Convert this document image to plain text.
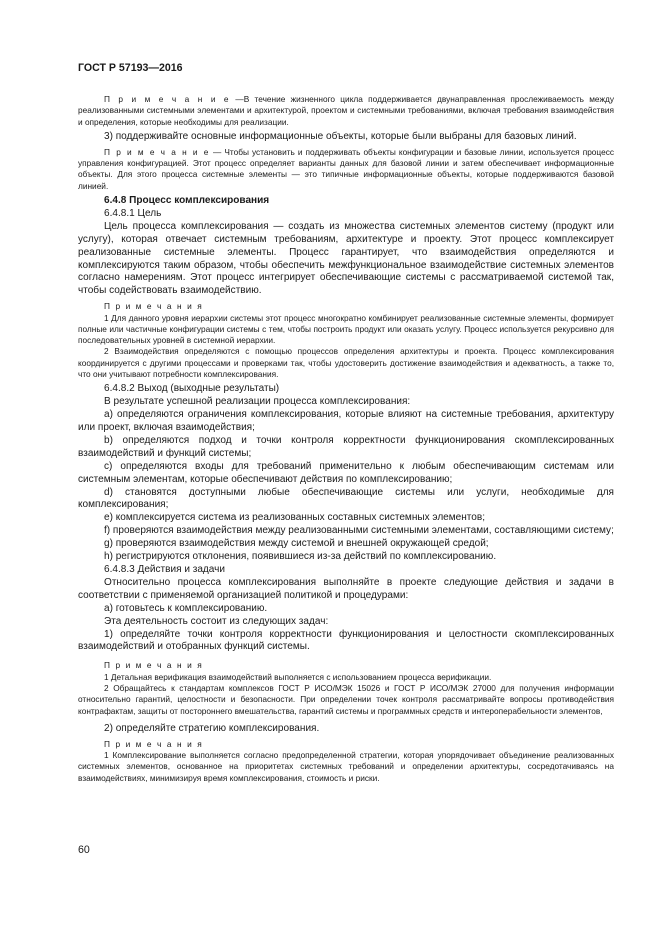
ГОСТ Р 57193—2016

П р и м е ч а н и е —В течение жизненного цикла поддерживается двунаправленная прослеживаемость между реализованными системными элементами и архитектурой, проектом и системными требованиями, включая требования взаимодействия и определения, которые необходимы для реализации.

3) поддерживайте основные информационные объекты, которые были выбраны для базовых линий.

П р и м е ч а н и е — Чтобы установить и поддерживать объекты конфигурации и базовые линии, используется процесс управления конфигурацией. Этот процесс определяет варианты данных для базовой линии и затем обеспечивает информационные объекты. Для этого процесса системные элементы — это типичные информационные объекты, которые поддерживаются базовой линией.

6.4.8 Процесс комплексирования

6.4.8.1 Цель

Цель процесса комплексирования — создать из множества системных элементов систему (продукт или услугу), которая отвечает системным требованиям, архитектуре и проекту. Этот процесс комплексирует реализованные системные элементы. Процесс гарантирует, что взаимодействия определяются и комплексируются таким образом, чтобы обеспечить межфункциональное взаимодействие системных элементов согласно намерениям. Этот процесс интегрирует обеспечивающие системы с рассматриваемой системой так, чтобы содействовать взаимодействию.

П р и м е ч а н и я

1 Для данного уровня иерархии системы этот процесс многократно комбинирует реализованные системные элементы, формирует полные или частичные конфигурации системы с тем, чтобы построить продукт или оказать услугу. Процесс используется рекурсивно для последовательных уровней в системной иерархии.

2 Взаимодействия определяются с помощью процессов определения архитектуры и проекта. Процесс комплексирования координируется с другими процессами и проверками так, чтобы удостоверить достижение взаимодействия и адекватность, а также то, что они учитывают потребности комплексирования.

6.4.8.2 Выход (выходные результаты)

В результате успешной реализации процесса комплексирования:

а) определяются ограничения комплексирования, которые влияют на системные требования, архитектуру или проект, включая взаимодействия;

b) определяются подход и точки контроля корректности функционирования скомплексированных взаимодействий и функций системы;

c) определяются входы для требований применительно к любым обеспечивающим системам или системным элементам, которые обеспечивают действия по комплексированию;

d) становятся доступными любые обеспечивающие системы или услуги, необходимые для комплексирования;

e) комплексируется система из реализованных составных системных элементов;

f) проверяются взаимодействия между реализованными системными элементами, составляющими систему;

g) проверяются взаимодействия между системой и внешней окружающей средой;

h) регистрируются отклонения, появившиеся из-за действий по комплексированию.

6.4.8.3 Действия и задачи

Относительно процесса комплексирования выполняйте в проекте следующие действия и задачи в соответствии с применяемой организацией политикой и процедурами:

а) готовьтесь к комплексированию.

Эта деятельность состоит из следующих задач:

1) определяйте точки контроля корректности функционирования и целостности скомплексированных взаимодействий и отобранных функций системы.

П р и м е ч а н и я

1 Детальная верификация взаимодействий выполняется с использованием процесса верификации.

2 Обращайтесь к стандартам комплексов ГОСТ Р ИСО/МЭК 15026 и ГОСТ Р ИСО/МЭК 27000 для получения информации относительно гарантий, целостности и безопасности. При определении точек контроля рассматривайте вопросы противодействия контрафактам, защиты от постороннего вмешательства, гарантий системы и программных средств и интероперабельности элементов,

2) определяйте стратегию комплексирования.

П р и м е ч а н и я

1 Комплексирование выполняется согласно предопределенной стратегии, которая упорядочивает объединение реализованных системных элементов, основанное на приоритетах системных требований и определении архитектуры, сосредотачиваясь на взаимодействиях, минимизируя время комплексирования, стоимость и риски.

60
